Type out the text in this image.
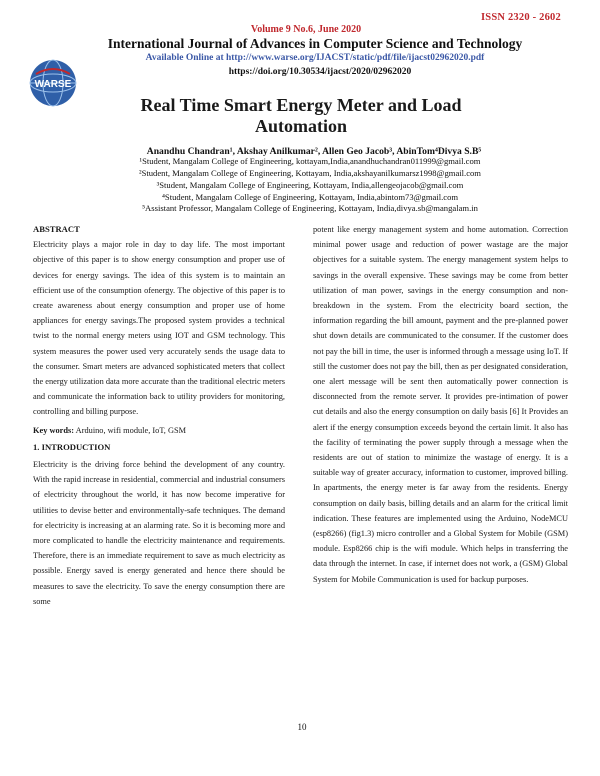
ISSN 2320 - 2602
Volume 9 No.6, June 2020
International Journal of Advances in Computer Science and Technology
Available Online at http://www.warse.org/IJACST/static/pdf/file/ijacst02962020.pdf
https://doi.org/10.30534/ijacst/2020/02962020
WARSE
Real Time Smart Energy Meter and Load
Automation
Anandhu Chandran¹, Akshay Anilkumar², Allen Geo Jacob³, AbinTom⁴Divya S.B⁵
¹Student, Mangalam College of Engineering, kottayam,India,anandhuchandran011999@gmail.com
²Student, Mangalam College of Engineering, Kottayam, India,akshayanilkumarsz1998@gmail.com
³Student, Mangalam College of Engineering, Kottayam, India,allengeojacob@gmail.com
⁴Student, Mangalam College of Engineering, Kottayam, India,abintom73@gmail.com
⁵Assistant Professor, Mangalam College of Engineering, Kottayam, India,divya.sb@mangalam.in

ABSTRACT

Electricity plays a major role in day to day life. The most important objective of this paper is to show energy consumption and proper use of devices for energy savings. The idea of this system is to maintain an efficient use of the consumption ofenergy. The objective of this paper is to create awareness about energy consumption and proper use of home appliances for energy savings.The proposed system provides a technical twist to the normal energy meters using IOT and GSM technology. This system measures the power used very accurately sends the usage data to the consumer. Smart meters are advanced sophisticated meters that collect the energy utilization data more accurate than the traditional electric meters and communicate the information back to utility providers for monitoring, controlling and billing purpose.

Key words: Arduino, wifi module, IoT, GSM

1. INTRODUCTION

Electricity is the driving force behind the development of any country. With the rapid increase in residential, commercial and industrial consumers of electricity throughout the world, it has now become imperative for utilities to devise better and environmentally-safe techniques. The demand for electricity is increasing at an alarming rate. So it is becoming more and more complicated to handle the electricity maintenance and requirements. Therefore, there is an immediate requirement to save as much electricity as possible. Energy saved is energy generated and hence there should be measures to save the electricity. To save the energy consumption there are some

potent like energy management system and home automation. Correction minimal power usage and reduction of power wastage are the major objectives for a suitable system. The energy management system helps to savings in the overall expensive. These savings may be come from better utilization of man power, savings in the energy consumption and non-breakdown in the system. From the electricity board section, the information regarding the bill amount, payment and the pre-planned power shut down details are communicated to the consumer. If the customer does not pay the bill in time, the user is informed through a message using IoT. If still the customer does not pay the bill, then as per designated consideration, one alert message will be sent then automatically power connection is disconnected from the remote server. It provides pre-intimation of power cut details and also the energy consumption on daily basis [6] It Provides an alert if the energy consumption exceeds beyond the certain limit. It also has the facility of terminating the power supply through a message when the residents are out of station to minimize the wastage of energy. It is a suitable way of greater accuracy, information to customer, improved billing. In apartments, the energy meter is far away from the residents. Energy consumption on daily basis, billing details and an alarm for the critical limit indication. These features are implemented using the Arduino, NodeMCU (esp8266) (fig1.3) micro controller and a Global System for Mobile (GSM) module. Esp8266 chip is the wifi module. Which helps in transferring the data through the internet. In case, if internet does not work, a (GSM) Global System for Mobile Communication is used for backup purposes.

10
